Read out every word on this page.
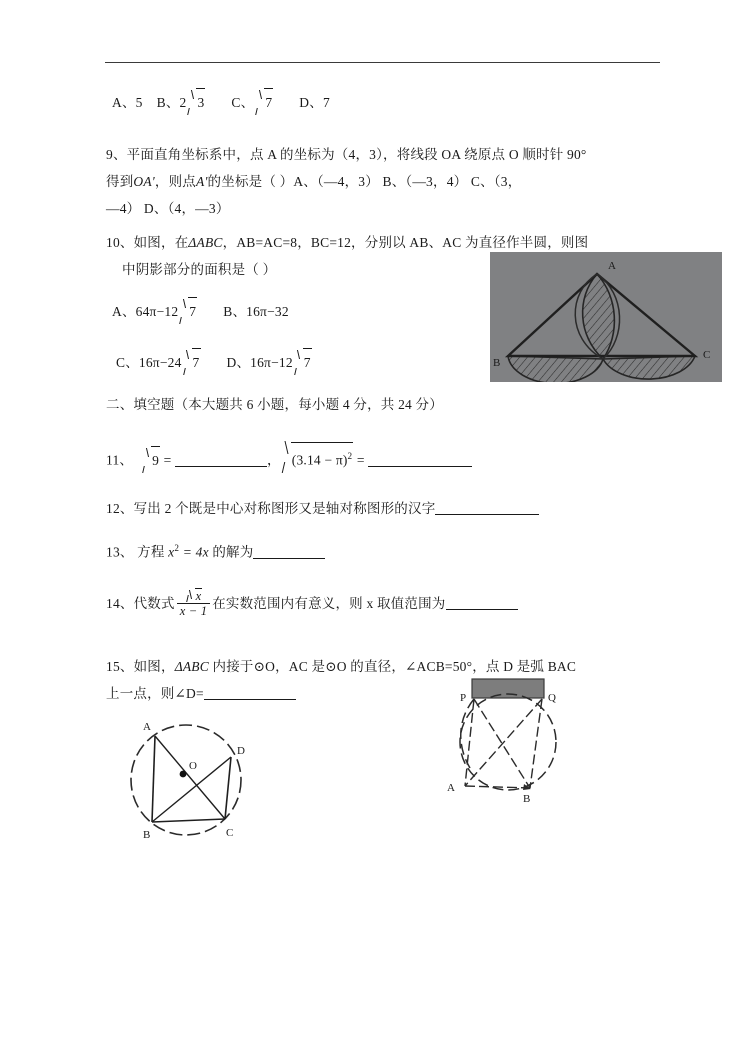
A、5 B、2 3 C、 7 D、7
9、平面直角坐标系中，点 A 的坐标为（4，3），将线段 OA 绕原点 O 顺时针 90°
得到OA'，则点A'的坐标是（ ）A、（—4，3） B、（—3，4） C、（3，
—4） D、（4，—3）
10、如图，在ΔABC，AB=AC=8，BC=12，分别以 AB、AC 为直径作半圆，则图
中阴影部分的面积是（ ）
A、64π−12 7 B、16π−32
C、16π−24 7 D、16π−12 7
A
B
C
二、填空题（本大题共 6 小题，每小题 4 分，共 24 分）
11、 9 =	， $(3.14 - \pi)^2$ =
12、写出 2 个既是中心对称图形又是轴对称图形的汉字
13、 方程 $x^2 = 4x$ 的解为
14、代数式 $\frac{x}{x - 1}$ 在实数范围内有意义，则 x 取值范围为
15、如图，ΔABC 内接于⊙O，AC 是⊙O 的直径，∠ACB=50°，点 D 是弧 BAC
上一点，则∠D=
O
A
B	C
D
P	Q
A
B
